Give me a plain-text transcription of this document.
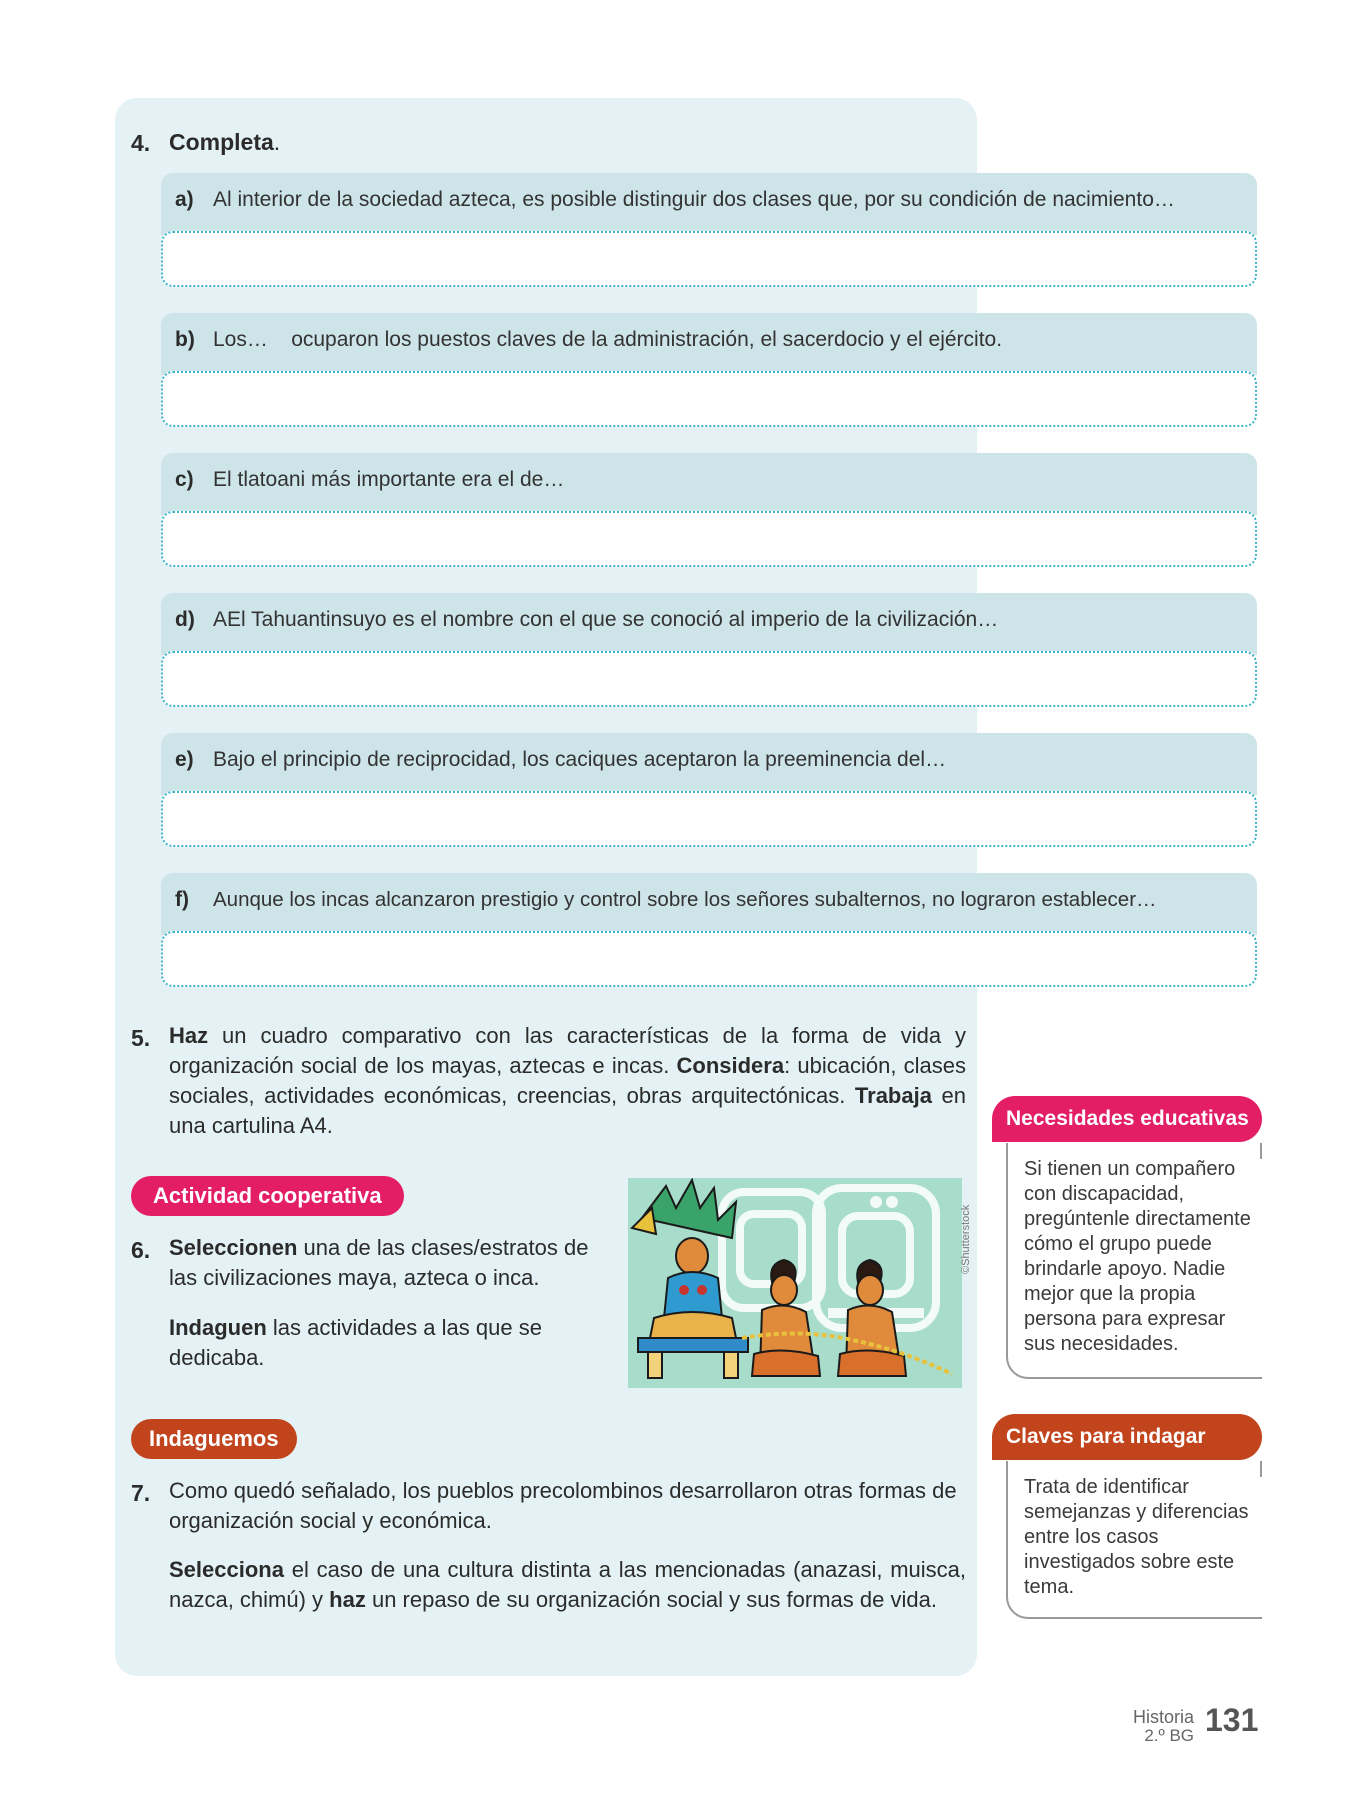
4. Completa.
a) Al interior de la sociedad azteca, es posible distinguir dos clases que, por su condición de nacimiento…
b) Los…    ocuparon los puestos claves de la administración, el sacerdocio y el ejército.
c) El tlatoani más importante era el de…
d) AEl Tahuantinsuyo es el nombre con el que se conoció al imperio de la civilización…
e) Bajo el principio de reciprocidad, los caciques aceptaron la preeminencia del…
f) Aunque los incas alcanzaron prestigio y control sobre los señores subalternos, no lograron establecer…
5. Haz un cuadro comparativo con las características de la forma de vida y organización social de los mayas, aztecas e incas. Considera: ubicación, clases sociales, actividades económicas, creencias, obras arquitectónicas. Trabaja en una cartulina A4.
Actividad cooperativa
6. Seleccionen una de las clases/estratos de las civilizaciones maya, azteca o inca.
Indaguen las actividades a las que se dedicaba.
©Shutterstock
Indaguemos
7. Como quedó señalado, los pueblos precolombinos desarrollaron otras formas de organización social y económica.
Selecciona el caso de una cultura distinta a las mencionadas (anazasi, muisca, nazca, chimú) y haz un repaso de su organización social y sus formas de vida.
Necesidades educativas
Si tienen un compañero con discapacidad, pregúntenle directamente cómo el grupo puede brindarle apoyo. Nadie mejor que la propia persona para expresar sus necesidades.
Claves para indagar
Trata de identificar semejanzas y diferencias entre los casos investigados sobre este tema.
Historia
2.º BG 131
